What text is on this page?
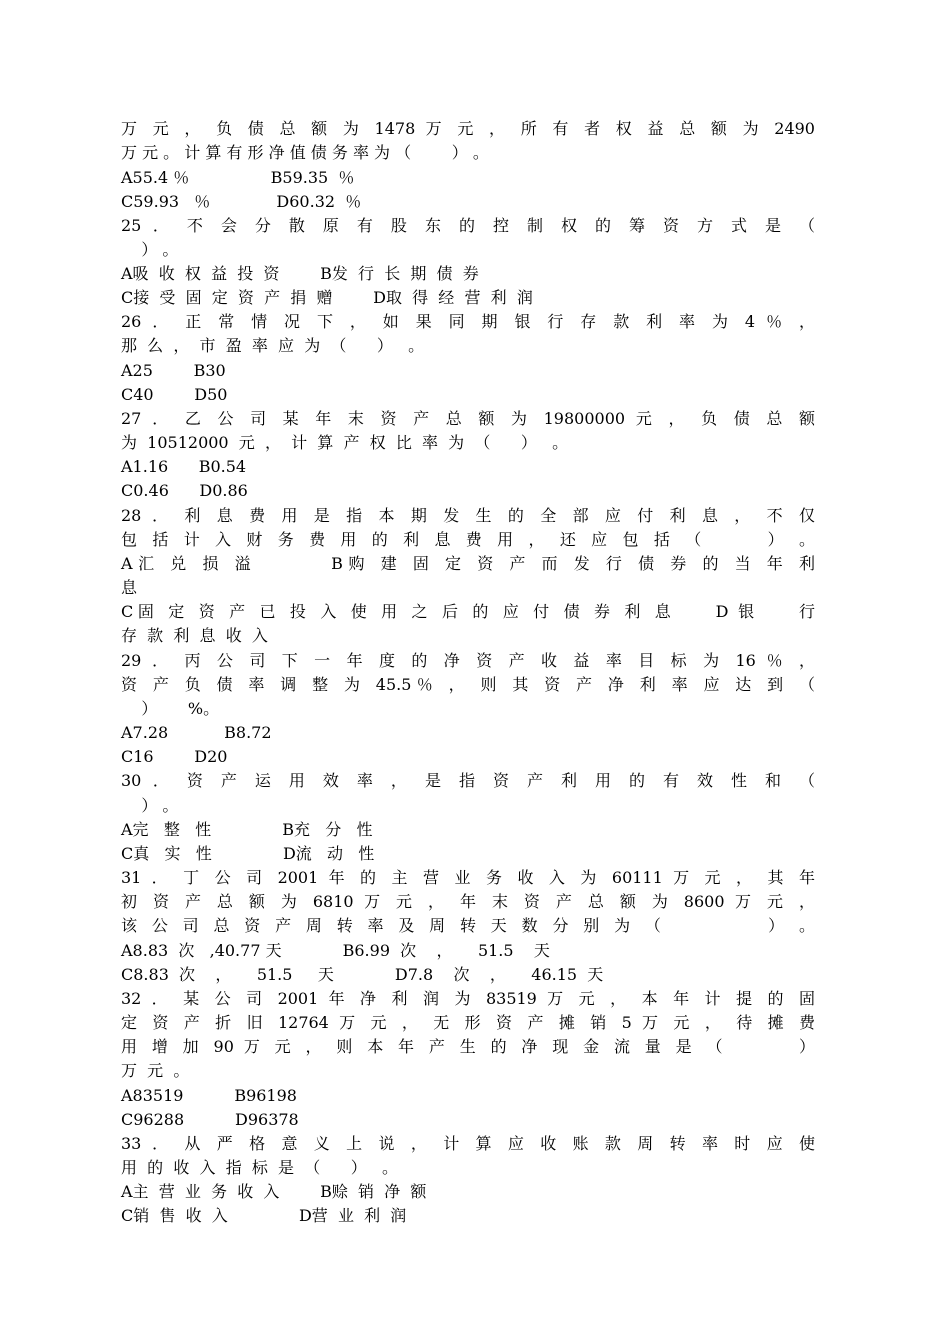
万 元 ， 负 债 总 额 为 1478 万 元 ， 所 有 者 权 益 总 额 为 2490
万 元 。 计 算 有 形 净 值 债 务 率 为 （        ） 。
A55.4 ％                B59.35  ％
C59.93   ％             D60.32  ％
25 ． 不 会 分 散 原 有 股 东 的 控 制 权 的 筹 资 方 式 是 （
） 。
A吸  收  权  益  投  资        B发  行  长  期  债  券
C接  受  固  定  资  产  捐  赠        D取  得  经  营  利  润
26 ． 正 常 情 况 下 ， 如 果 同 期 银 行 存 款 利 率 为 4 ％ ，
那  么  ，  市  盈  率  应  为  （      ）   。
A25        B30
C40        D50
27 ． 乙 公 司 某 年 末 资 产 总 额 为 19800000 元 ， 负 债 总 额
为  10512000  元  ，  计  算  产  权  比  率  为  （      ）   。
A1.16      B0.54
C0.46      D0.86
28 ． 利 息 费 用 是 指 本 期 发 生 的 全 部 应 付 利 息 ， 不 仅
包 括 计 入 财 务 费 用 的 利 息 费 用 ， 还 应 包 括 （      ） 。
A汇 兑 损 溢 　 　 B购 建 固 定 资 产 而 发 行 债 券 的 当 年 利
息
C固 定 资 产 已 投 入 使 用 之 后 的 应 付 债 券 利 息 　 D 银 　 行
存  款  利  息  收  入
29 ． 丙 公 司 下 一 年 度 的 净 资 产 收 益 率 目 标 为 16 ％ ，
资 产 负 债 率 调 整 为 45.5％ ， 则 其 资 产 净 利 率 应 达 到 （
）      %。
A7.28           B8.72
C16        D20
30 ． 资 产 运 用 效 率 ， 是 指 资 产 利 用 的 有 效 性 和 （
） 。
A完   整   性              B充   分   性
C真   实   性              D流   动   性
31 ． 丁 公 司 2001 年 的 主 营 业 务 收 入 为 60111 万 元 ， 其 年
初 资 产 总 额 为 6810 万 元 ， 年 末 资 产 总 额 为 8600 万 元 ，
该 公 司 总 资 产 周 转 率 及 周 转 天 数 分 别 为 （ 　 　 　 ） 。
A8.83  次   ,40.77 天            B6.99  次    ，     51.5    天
C8.83  次    ，     51.5     天            D7.8    次    ，     46.15  天
32 ． 某 公 司 2001 年 净 利 润 为 83519 万 元 ， 本 年 计 提 的 固
定 资 产 折 旧 12764 万 元 ， 无 形 资 产 摊 销 5 万 元 ， 待 摊 费
用 增 加 90 万 元 ， 则 本 年 产 生 的 净 现 金 流 量 是 （ 　 　 ）
万  元  。
A83519          B96198
C96288          D96378
33 ． 从 严 格 意 义 上 说 ， 计 算 应 收 账 款 周 转 率 时 应 使
用  的  收  入  指  标  是  （      ）   。
A主  营  业  务  收  入        B赊  销  净  额
C销  售  收  入              D营  业  利  润
